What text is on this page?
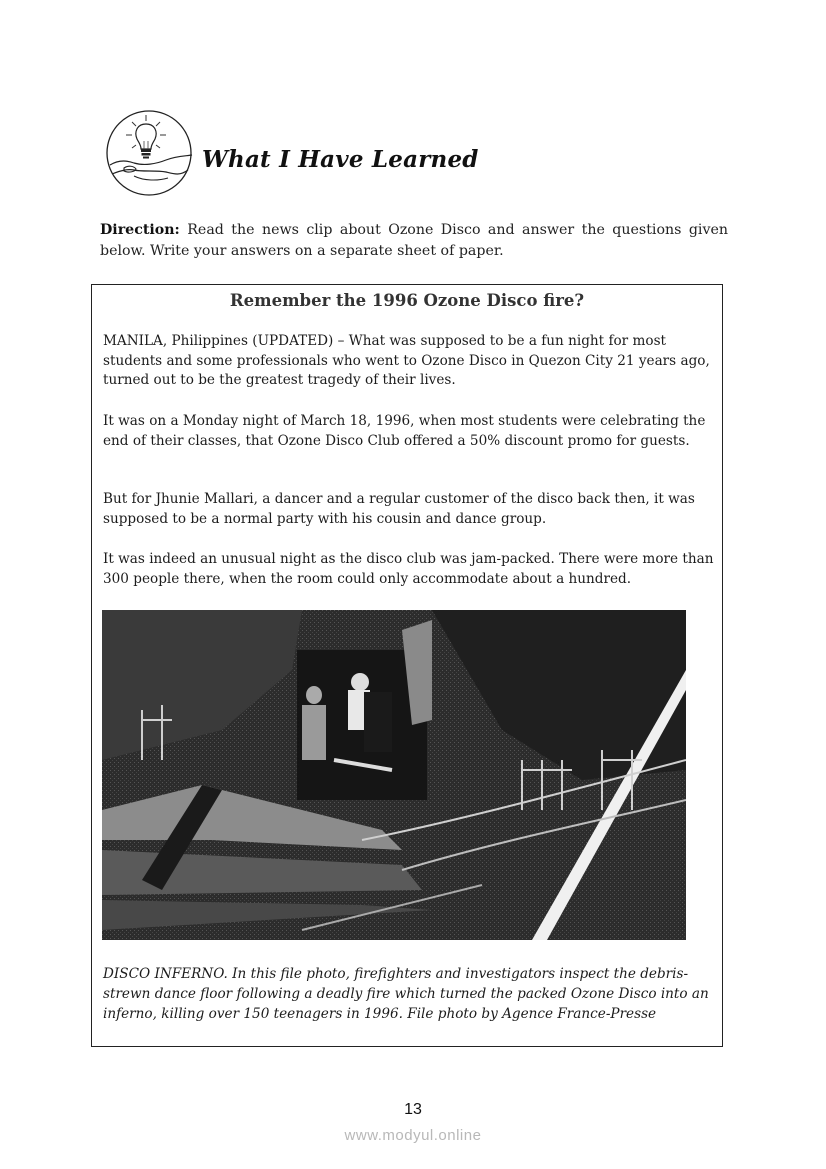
What I Have Learned
Direction: Read the news clip about Ozone Disco and answer the questions given below. Write your answers on a separate sheet of paper.
Remember the 1996 Ozone Disco fire?

MANILA, Philippines (UPDATED) – What was supposed to be a fun night for most students and some professionals who went to Ozone Disco in Quezon City 21 years ago, turned out to be the greatest tragedy of their lives.

It was on a Monday night of March 18, 1996, when most students were celebrating the end of their classes, that Ozone Disco Club offered a 50% discount promo for guests.

But for Jhunie Mallari, a dancer and a regular customer of the disco back then, it was supposed to be a normal party with his cousin and dance group.

It was indeed an unusual night as the disco club was jam-packed. There were more than 300 people there, when the room could only accommodate about a hundred.

DISCO INFERNO. In this file photo, firefighters and investigators inspect the debris-strewn dance floor following a deadly fire which turned the packed Ozone Disco into an inferno, killing over 150 teenagers in 1996. File photo by Agence France-Presse

13
www.modyul.online
